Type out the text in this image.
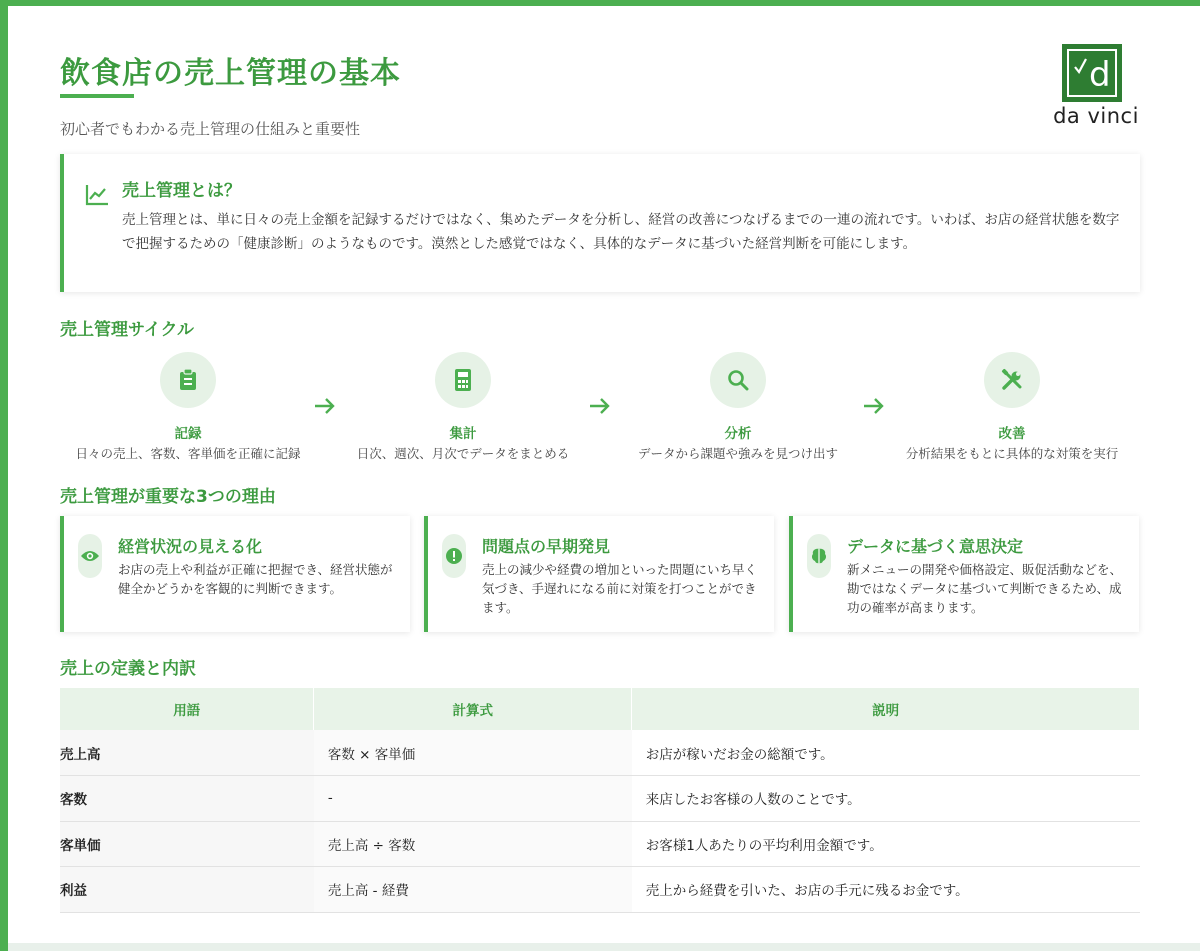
飲食店の売上管理の基本

初心者でもわかる売上管理の仕組みと重要性

d
da vinci
売上管理とは？

売上管理とは、単に日々の売上金額を記録するだけではなく、集めたデータを分析し、経営の改善につなげるまでの一連の流れです。いわば、お店の経営状態を数字で把握するための「健康診断」のようなものです。漠然とした感覚ではなく、具体的なデータに基づいた経営判断を可能にします。

売上管理サイクル
記録
日々の売上、客数、客単価を正確に記録
集計
日次、週次、月次でデータをまとめる
分析
データから課題や強みを見つけ出す
改善
分析結果をもとに具体的な対策を実行
売上管理が重要な3つの理由
経営状況の見える化

お店の売上や利益が正確に把握でき、経営状態が健全かどうかを客観的に判断できます。

問題点の早期発見

売上の減少や経費の増加といった問題にいち早く気づき、手遅れになる前に対策を打つことができます。

データに基づく意思決定

新メニューの開発や価格設定、販促活動などを、勘ではなくデータに基づいて判断できるため、成功の確率が高まります。

売上の定義と内訳
用語	計算式	説明
売上高	客数 × 客単価	お店が稼いだお金の総額です。
客数	-	来店したお客様の人数のことです。
客単価	売上高 ÷ 客数	お客様1人あたりの平均利用金額です。
利益	売上高 - 経費	売上から経費を引いた、お店の手元に残るお金です。
